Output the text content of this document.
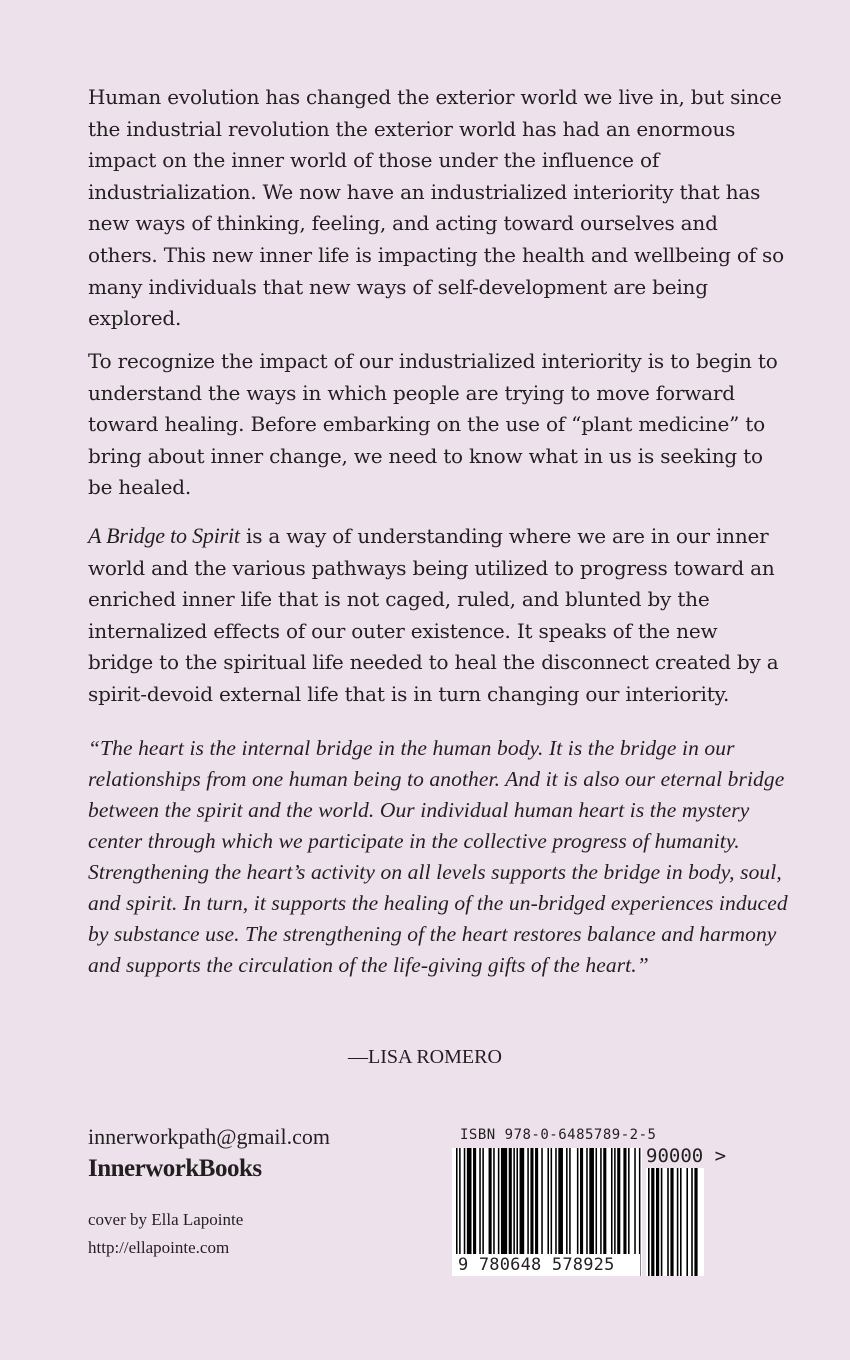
Human evolution has changed the exterior world we live in, but since the industrial revolution the exterior world has had an enormous impact on the inner world of those under the influence of industrialization. We now have an industrialized interiority that has new ways of thinking, feeling, and acting toward ourselves and others. This new inner life is impacting the health and wellbeing of so many individuals that new ways of self-development are being explored.

To recognize the impact of our industrialized interiority is to begin to understand the ways in which people are trying to move forward toward healing. Before embarking on the use of “plant medicine” to bring about inner change, we need to know what in us is seeking to be healed.

A Bridge to Spirit is a way of understanding where we are in our inner world and the various pathways being utilized to progress toward an enriched inner life that is not caged, ruled, and blunted by the internalized effects of our outer existence. It speaks of the new bridge to the spiritual life needed to heal the disconnect created by a spirit-devoid external life that is in turn changing our interiority.

“The heart is the internal bridge in the human body. It is the bridge in our relationships from one human being to another. And it is also our eternal bridge between the spirit and the world. Our individual human heart is the mystery center through which we participate in the collective progress of humanity. Strengthening the heart’s activity on all levels supports the bridge in body, soul, and spirit. In turn, it supports the healing of the un-bridged experiences induced by substance use. The strengthening of the heart restores balance and harmony and supports the circulation of the life-giving gifts of the heart.”

—LISA ROMERO
innerworkpath@gmail.com
InnerworkBooks
cover by Ella Lapointe
http://ellapointe.com
ISBN 978-0-6485789-2-5
9 780648 578925
90000 >
